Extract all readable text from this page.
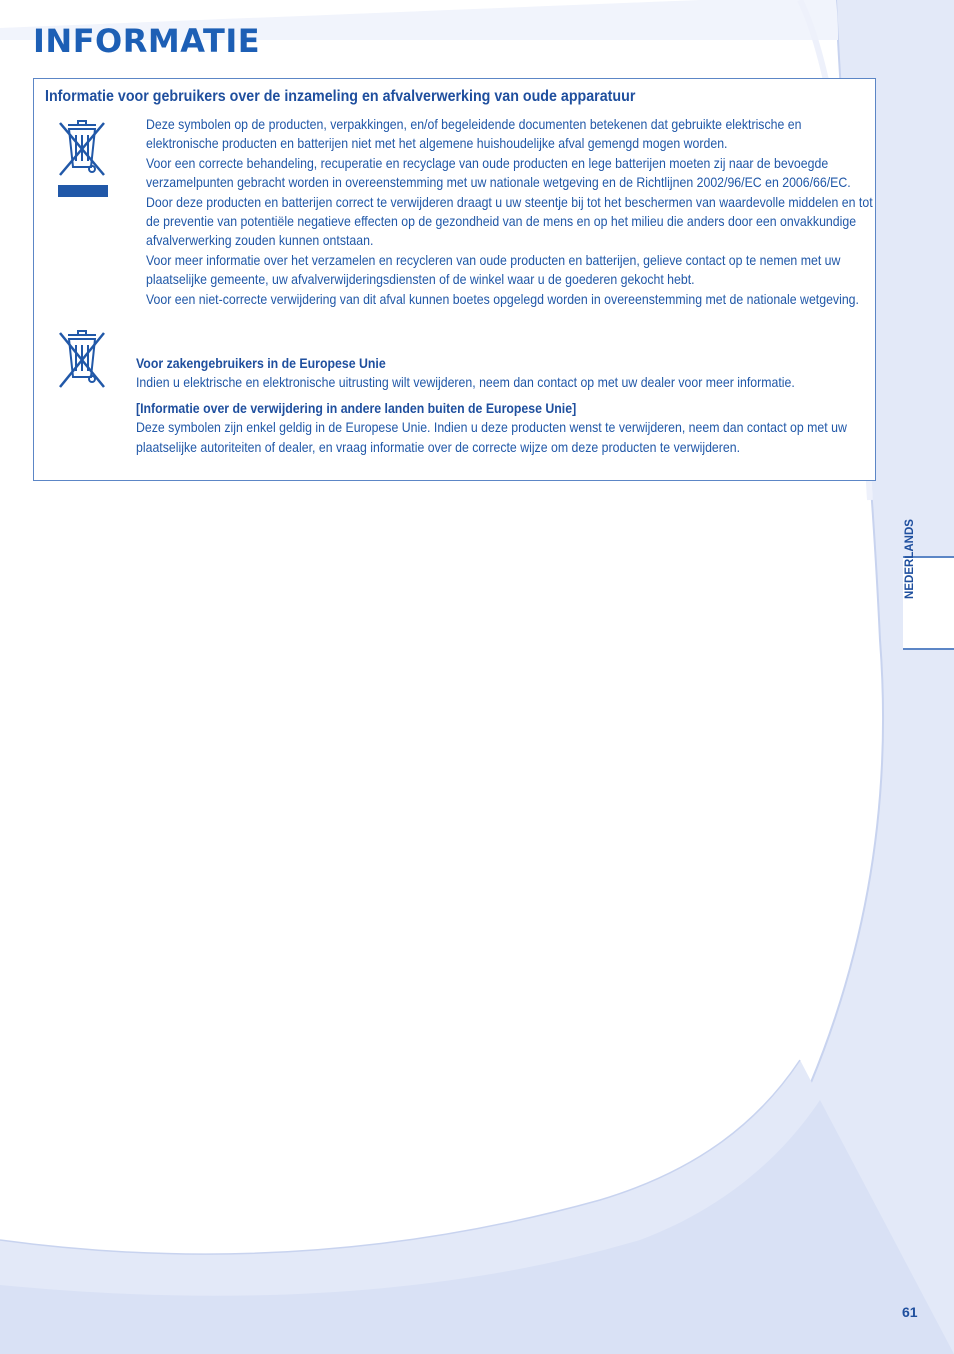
INFORMATIE
Informatie voor gebruikers over de inzameling en afvalverwerking van oude apparatuur

Deze symbolen op de producten, verpakkingen, en/of begeleidende documenten betekenen dat gebruikte elektrische en elektronische producten en batterijen niet met het algemene huishoudelijke afval gemengd mogen worden.

Voor een correcte behandeling, recuperatie en recyclage van oude producten en lege batterijen moeten zij naar de bevoegde verzamelpunten gebracht worden in overeenstemming met uw nationale wetgeving en de Richtlijnen 2002/96/EC en 2006/66/EC.

Door deze producten en batterijen correct te verwijderen draagt u uw steentje bij tot het beschermen van waardevolle middelen en tot de preventie van potentiële negatieve effecten op de gezondheid van de mens en op het milieu die anders door een onvakkundige afvalverwerking zouden kunnen ontstaan.

Voor meer informatie over het verzamelen en recycleren van oude producten en batterijen, gelieve contact op te nemen met uw plaatselijke gemeente, uw afvalverwijderingsdiensten of de winkel waar u de goederen gekocht hebt.

Voor een niet-correcte verwijdering van dit afval kunnen boetes opgelegd worden in overeenstemming met de nationale wetgeving.

Voor zakengebruikers in de Europese Unie

Indien u elektrische en elektronische uitrusting wilt vewijderen, neem dan contact op met uw dealer voor meer informatie.

[Informatie over de verwijdering in andere landen buiten de Europese Unie]

Deze symbolen zijn enkel geldig in de Europese Unie. Indien u deze producten wenst te verwijderen, neem dan contact op met uw plaatselijke autoriteiten of dealer, en vraag informatie over de correcte wijze om deze producten te verwijderen.

NEDERLANDS
61
